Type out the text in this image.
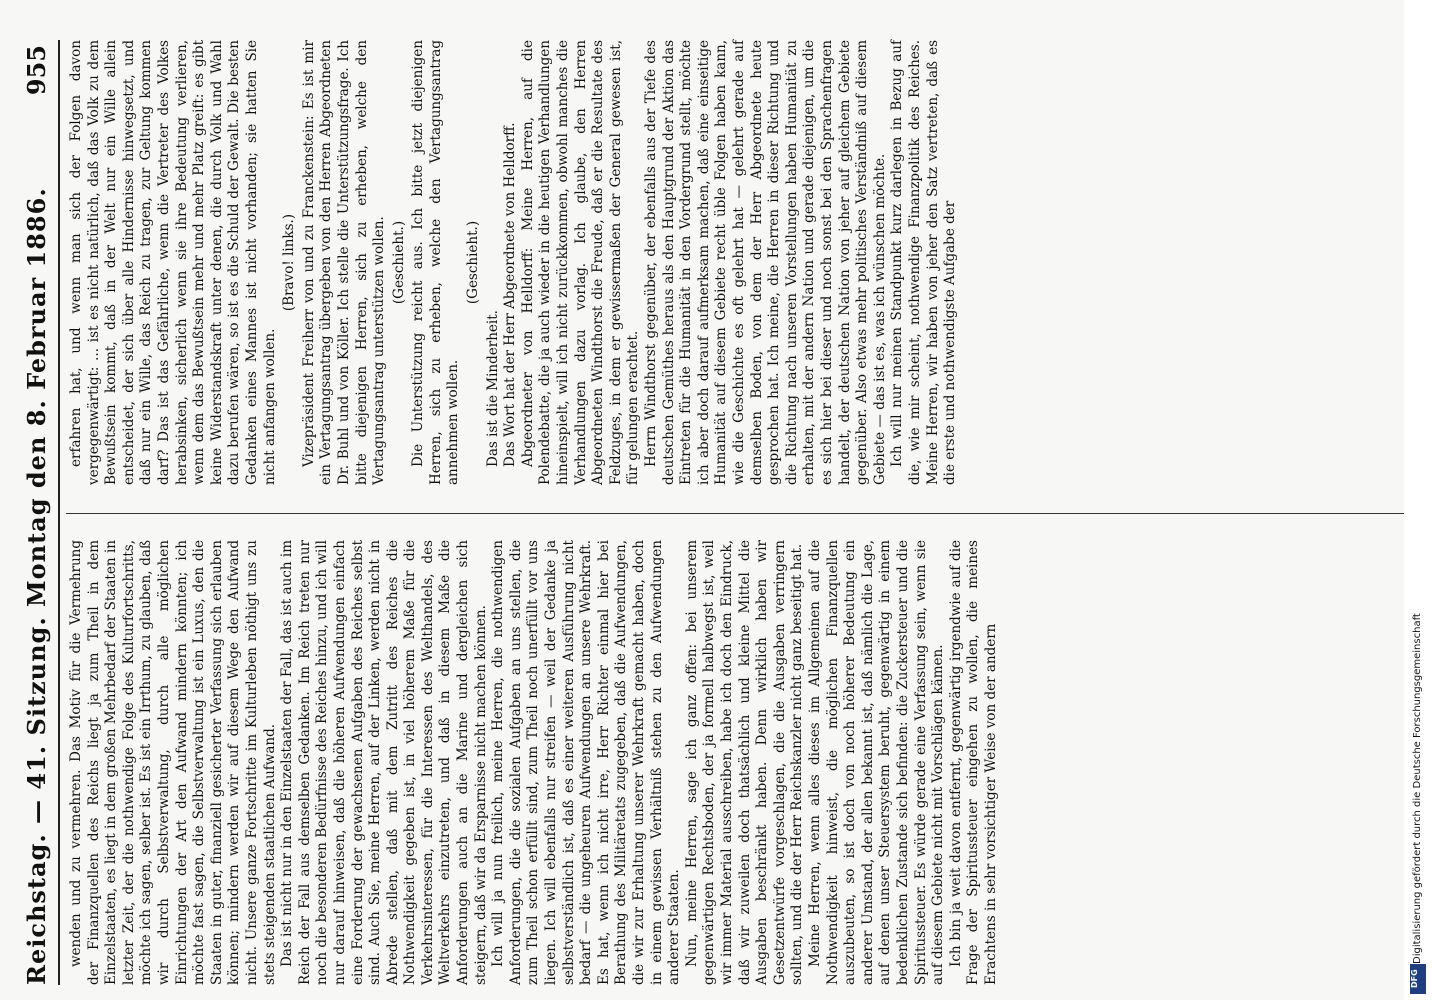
Reichstag. — 41. Sitzung. Montag den 8. Februar 1886.
955

wenden und zu vermehren. Das Motiv für die Vermehrung der Finanzquellen des Reichs liegt ja zum Theil in dem Einzelstaaten, es liegt in dem großen Mehrbedarf der Staaten in letzter Zeit, der die nothwendige Folge des Kulturfortschritts, möchte ich sagen, selber ist. Es ist ein Irrthum, zu glauben, daß wir durch Selbstverwaltung, durch alle möglichen Einrichtungen der Art den Aufwand mindern könnten; ich möchte fast sagen, die Selbstverwaltung ist ein Luxus, den die Staaten in guter, finanziell gesicherter Verfassung sich erlauben können; mindern werden wir auf diesem Wege den Aufwand nicht. Unsere ganze Fortschritte im Kulturleben nöthigt uns zu stets steigenden staatlichen Aufwand. Das ist nicht nur in den Einzelstaaten der Fall, das ist auch im Reich der Fall aus demselben Gedanken. Im Reich treten nur noch die besonderen Bedürfnisse des Reiches hinzu, und ich will nur darauf hinweisen, daß die höheren Aufwendungen einfach eine Forderung der gewachsenen Aufgaben des Reiches selbst sind. Auch Sie, meine Herren, auf der Linken, werden nicht in Abrede stellen, daß mit dem Zutritt des Reiches die Nothwendigkeit gegeben ist, in viel höherem Maße für die Verkehrsinteressen, für die Interessen des Welthandels, des Weltverkehrs einzutreten, und daß in diesem Maße die Anforderungen auch an die Marine und dergleichen sich steigern, daß wir da Ersparnisse nicht machen können. Ich will ja nun freilich, meine Herren, die nothwendigen Anforderungen, die die sozialen Aufgaben an uns stellen, die zum Theil schon erfüllt sind, zum Theil noch unerfüllt vor uns liegen. Ich will ebenfalls nur streifen — weil der Gedanke ja selbstverständlich ist, daß es einer weiteren Ausführung nicht bedarf — die ungeheuren Aufwendungen an unsere Wehrkraft. Es hat, wenn ich nicht irre, Herr Richter einmal hier bei Berathung des Militäretats zugegeben, daß die Aufwendungen, die wir zur Erhaltung unserer Wehrkraft gemacht haben, doch in einem gewissen Verhältniß stehen zu den Aufwendungen anderer Staaten. Nun, meine Herren, sage ich ganz offen: bei unserem gegenwärtigen Rechtsboden, der ja formell halbwegst ist, weil wir immer Material ausschreiben, habe ich doch den Eindruck, daß wir zuweilen doch thatsächlich und kleine Mittel die Ausgaben beschränkt haben. Denn wirklich haben wir Gesetzentwürfe vorgeschlagen, die die Ausgaben verringern sollten, und die der Herr Reichskanzler nicht ganz beseitigt hat. Meine Herren, wenn alles dieses im Allgemeinen auf die Nothwendigkeit hinweist, die möglichen Finanzquellen auszubeuten, so ist doch von noch höherer Bedeutung ein anderer Umstand, der allen bekannt ist, daß nämlich die Lage, auf denen unser Steuersystem beruht, gegenwärtig in einem bedenklichen Zustande sich befinden: die Zuckersteuer und die Spiritussteuer. Es würde gerade eine Verfassung sein, wenn sie auf diesem Gebiete nicht mit Vorschlägen kämen. Ich bin ja weit davon entfernt, gegenwärtig irgendwie auf die Frage der Spiritussteuer eingehen zu wollen, die meines Erachtens in sehr vorsichtiger Weise von der andern

erfahren hat, und wenn man sich der Folgen davon vergegenwärtigt: ... ist es nicht natürlich, daß das Volk zu dem Bewußtsein kommt, daß in der Welt nur ein Wille allein entscheidet, der sich über alle Hindernisse hinwegsetzt, und daß nur ein Wille, das Reich zu tragen, zur Geltung kommen darf? Das ist das Gefährliche, wenn die Vertreter des Volkes herabsinken, sicherlich wenn sie ihre Bedeutung verlieren, wenn dem das Bewußtsein mehr und mehr Platz greift: es gibt keine Widerstandskraft unter denen, die durch Volk und Wahl dazu berufen wären, so ist es die Schuld der Gewalt. Die besten Gedanken eines Mannes ist nicht vorhanden; sie hatten Sie nicht anfangen wollen.

(Bravo! links.) Vizepräsident Freiherr von und zu Franckenstein: Es ist mir ein Vertagungsantrag übergeben von den Herren Abgeordneten Dr. Buhl und von Köller. Ich stelle die Unterstützungsfrage. Ich bitte diejenigen Herren, sich zu erheben, welche den Vertagungsantrag unterstützen wollen. (Geschieht.) Die Unterstützung reicht aus. Ich bitte jetzt diejenigen Herren, sich zu erheben, welche den Vertagungsantrag annehmen wollen.

(Geschieht.)

Das ist die Minderheit. Das Wort hat der Herr Abgeordnete von Helldorff. Abgeordneter von Helldorff: Meine Herren, auf die Polendebatte, die ja auch wieder in die heutigen Verhandlungen hineinspielt, will ich nicht zurückkommen, obwohl manches die Verhandlungen dazu vorlag. Ich glaube, den Herren Abgeordneten Windthorst die Freude, daß er die Resultate des Feldzuges, in dem er gewissermaßen der General gewesen ist, für gelungen erachtet. Herrn Windthorst gegenüber, der ebenfalls aus der Tiefe des deutschen Gemüthes heraus als den Hauptgrund der Aktion das Eintreten für die Humanität in den Vordergrund stellt, möchte ich aber doch darauf aufmerksam machen, daß eine einseitige Humanität auf diesem Gebiete recht üble Folgen haben kann, wie die Geschichte es oft gelehrt hat — gelehrt gerade auf demselben Boden, von dem der Herr Abgeordnete heute gesprochen hat. Ich meine, die Herren in dieser Richtung und die Richtung nach unseren Vorstellungen haben Humanität zu erhalten, mit der andern Nation und gerade diejenigen, um die es sich hier bei dieser und noch sonst bei den Sprachenfragen handelt, der deutschen Nation von jeher auf gleichem Gebiete gegenüber. Also etwas mehr politisches Verständniß auf diesem Gebiete — das ist es, was ich wünschen möchte. Ich will nur meinen Standpunkt kurz darlegen in Bezug auf die, wie mir scheint, nothwendige Finanzpolitik des Reiches. Meine Herren, wir haben von jeher den Satz vertreten, daß es die erste und nothwendigste Aufgabe der

Digitalisierung gefördert durch die Deutsche Forschungsgemeinschaft
DFG
